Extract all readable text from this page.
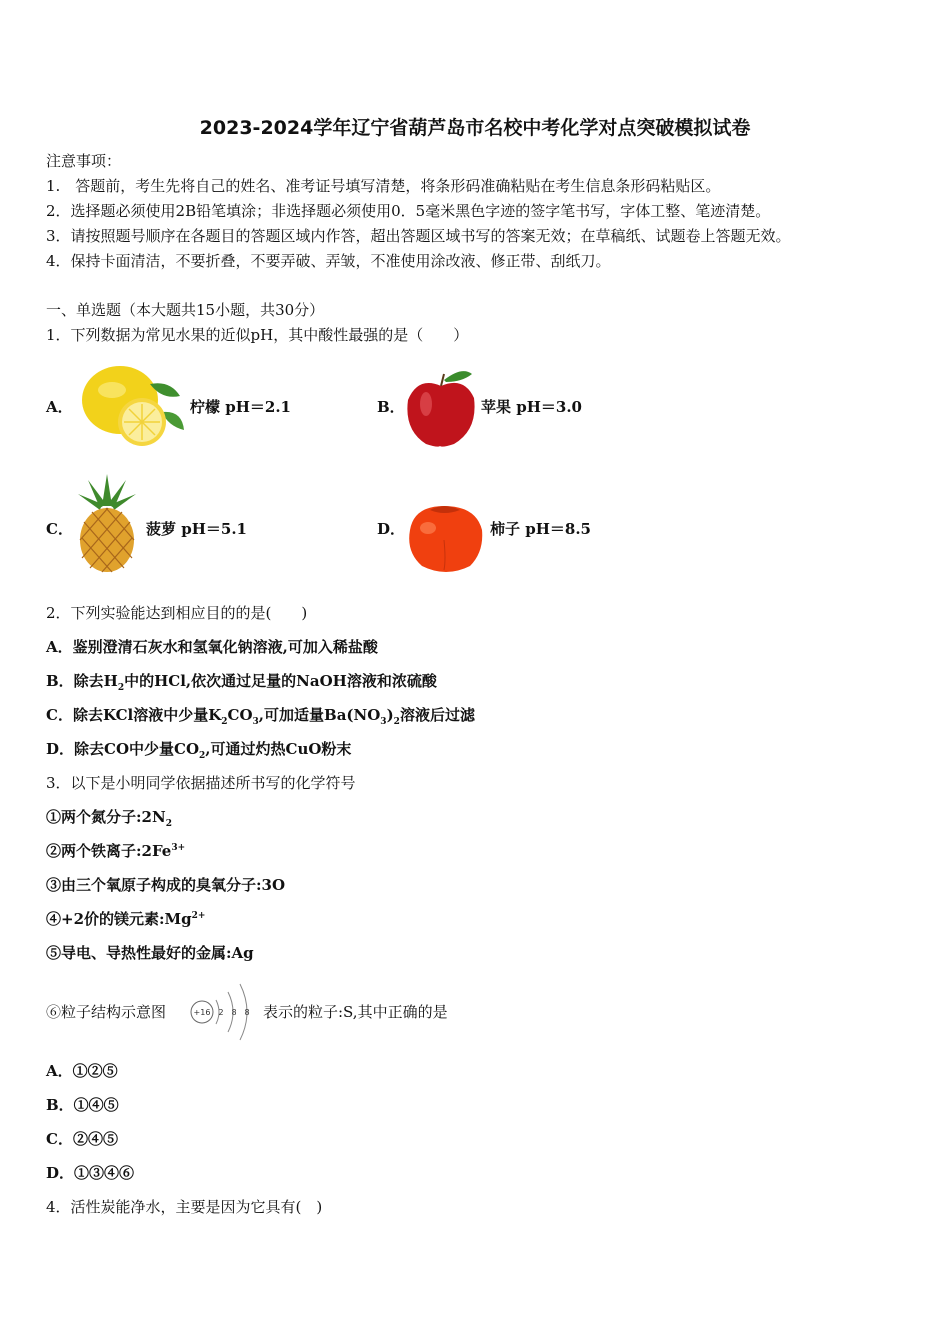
2023-2024学年辽宁省葫芦岛市名校中考化学对点突破模拟试卷
注意事项：
1.　答题前，考生先将自己的姓名、准考证号填写清楚，将条形码准确粘贴在考生信息条形码粘贴区。
2．选择题必须使用2B铅笔填涂；非选择题必须使用0．5毫米黑色字迹的签字笔书写，字体工整、笔迹清楚。
3．请按照题号顺序在各题目的答题区域内作答，超出答题区域书写的答案无效；在草稿纸、试题卷上答题无效。
4．保持卡面清洁，不要折叠，不要弄破、弄皱，不准使用涂改液、修正带、刮纸刀。
一、单选题（本大题共15小题，共30分）
1．下列数据为常见水果的近似pH，其中酸性最强的是（　　）
A．	柠檬 pH＝2.1	B．	苹果 pH＝3.0
C．	菠萝 pH＝5.1	D．	柿子 pH＝8.5
2．下列实验能达到相应目的的是(　　)
A．鉴别澄清石灰水和氢氧化钠溶液,可加入稀盐酸
B．除去$H_2$中的HCl,依次通过足量的NaOH溶液和浓硫酸
C．除去KCl溶液中少量$K_2CO_3$,可加适量$Ba(NO_3)_2$溶液后过滤
D．除去CO中少量$CO_2$,可通过灼热CuO粉末
3．以下是小明同学依据描述所书写的化学符号
①两个氮分子$:2N_2$
②两个铁离子$:2Fe^{3+}$
③由三个氧原子构成的臭氧分子:3O
④+2价的镁元素$:Mg^{2+}$
⑤导电、导热性最好的金属:Ag
⑥粒子结构示意图	+16 2 8 8 表示的粒子:S,其中正确的是
A．①②⑤
B．①④⑤
C．②④⑤
D．①③④⑥
4．活性炭能净水，主要是因为它具有(　)
